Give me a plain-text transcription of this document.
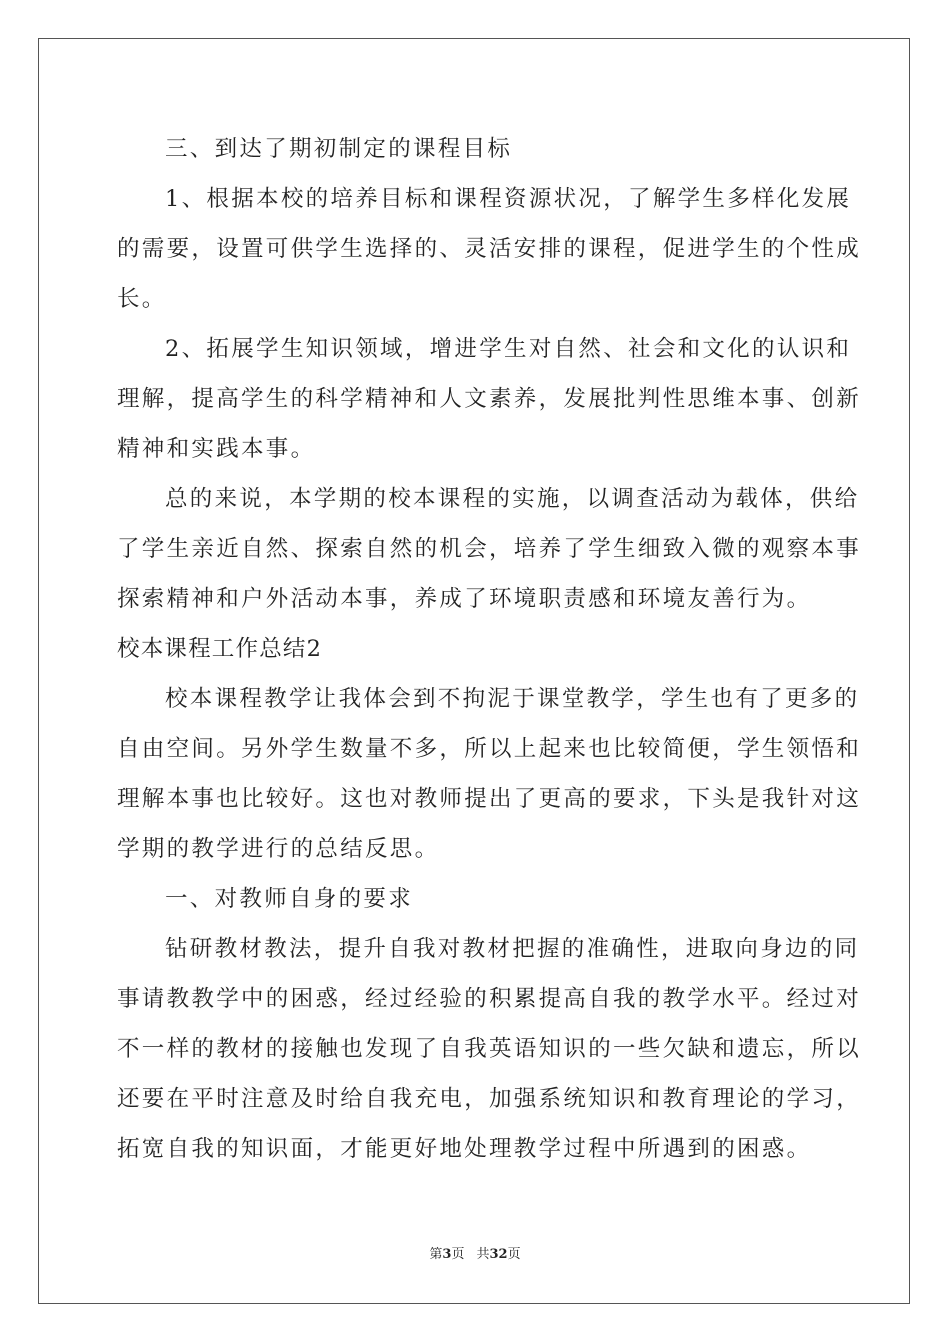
三、到达了期初制定的课程目标
1、根据本校的培养目标和课程资源状况，了解学生多样化发展
的需要，设置可供学生选择的、灵活安排的课程，促进学生的个性成
长。
2、拓展学生知识领域，增进学生对自然、社会和文化的认识和
理解，提高学生的科学精神和人文素养，发展批判性思维本事、创新
精神和实践本事。
总的来说，本学期的校本课程的实施，以调查活动为载体，供给
了学生亲近自然、探索自然的机会，培养了学生细致入微的观察本事
探索精神和户外活动本事，养成了环境职责感和环境友善行为。
校本课程工作总结2
校本课程教学让我体会到不拘泥于课堂教学，学生也有了更多的
自由空间。另外学生数量不多，所以上起来也比较简便，学生领悟和
理解本事也比较好。这也对教师提出了更高的要求，下头是我针对这
学期的教学进行的总结反思。
一、对教师自身的要求
钻研教材教法，提升自我对教材把握的准确性，进取向身边的同
事请教教学中的困惑，经过经验的积累提高自我的教学水平。经过对
不一样的教材的接触也发现了自我英语知识的一些欠缺和遗忘，所以
还要在平时注意及时给自我充电，加强系统知识和教育理论的学习，
拓宽自我的知识面，才能更好地处理教学过程中所遇到的困惑。
第3页 共32页
